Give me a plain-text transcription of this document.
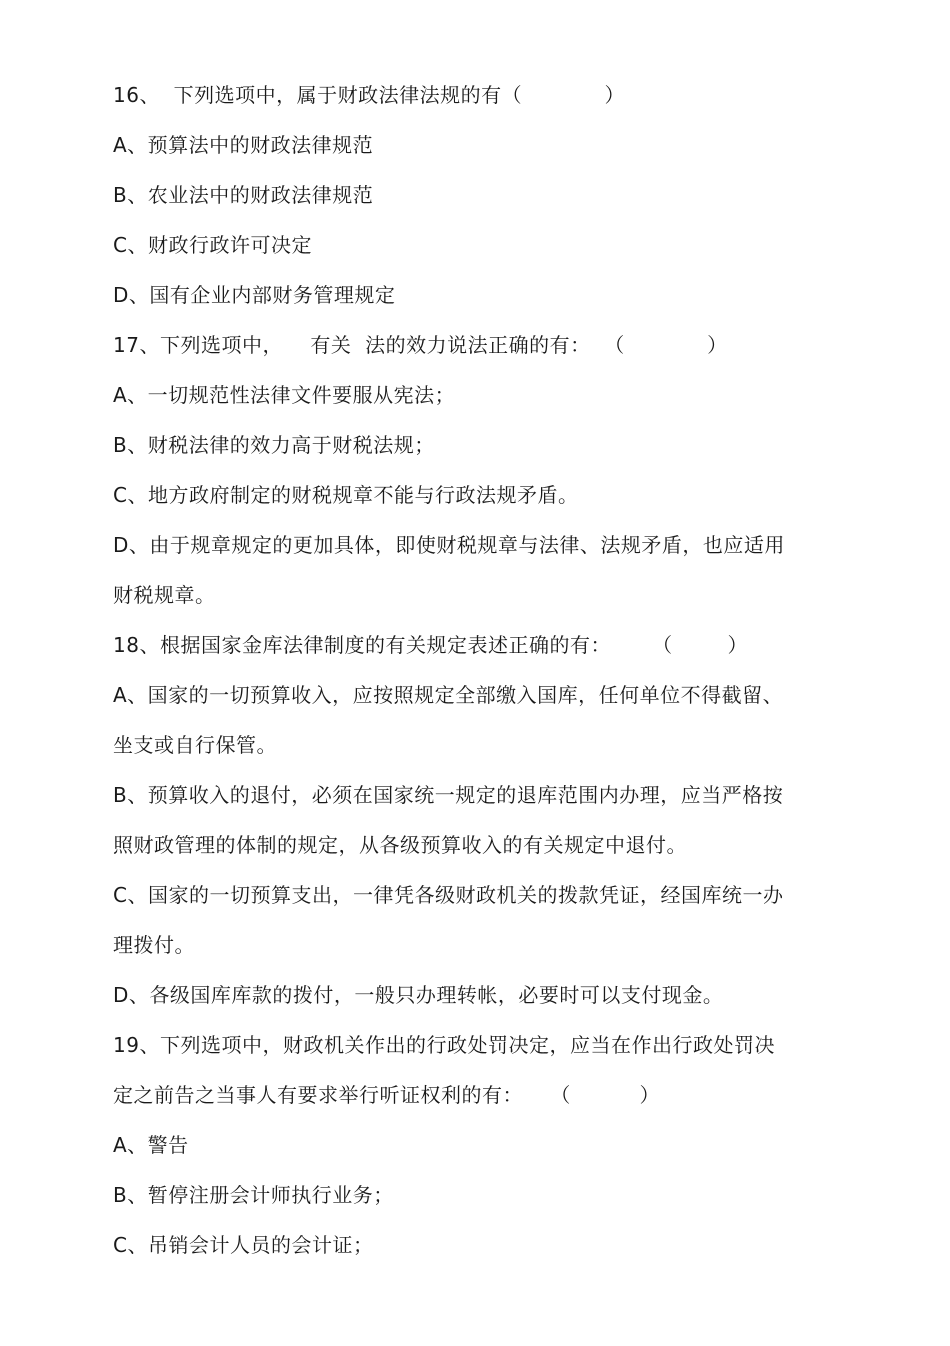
16、  下列选项中，属于财政法律法规的有（            ）
A、预算法中的财政法律规范
B、农业法中的财政法律规范
C、财政行政许可决定
D、国有企业内部财务管理规定
17、下列选项中，    有关  法的效力说法正确的有：  （            ）
A、一切规范性法律文件要服从宪法；
B、财税法律的效力高于财税法规；
C、地方政府制定的财税规章不能与行政法规矛盾。
D、由于规章规定的更加具体，即使财税规章与法律、法规矛盾，也应适用
财税规章。
18、根据国家金库法律制度的有关规定表述正确的有：      （        ）
A、国家的一切预算收入，应按照规定全部缴入国库，任何单位不得截留、
坐支或自行保管。
B、预算收入的退付，必须在国家统一规定的退库范围内办理，应当严格按
照财政管理的体制的规定，从各级预算收入的有关规定中退付。
C、国家的一切预算支出，一律凭各级财政机关的拨款凭证，经国库统一办
理拨付。
D、各级国库库款的拨付，一般只办理转帐，必要时可以支付现金。
19、下列选项中，财政机关作出的行政处罚决定，应当在作出行政处罚决
定之前告之当事人有要求举行听证权利的有：    （          ）
A、警告
B、暂停注册会计师执行业务；
C、吊销会计人员的会计证；
